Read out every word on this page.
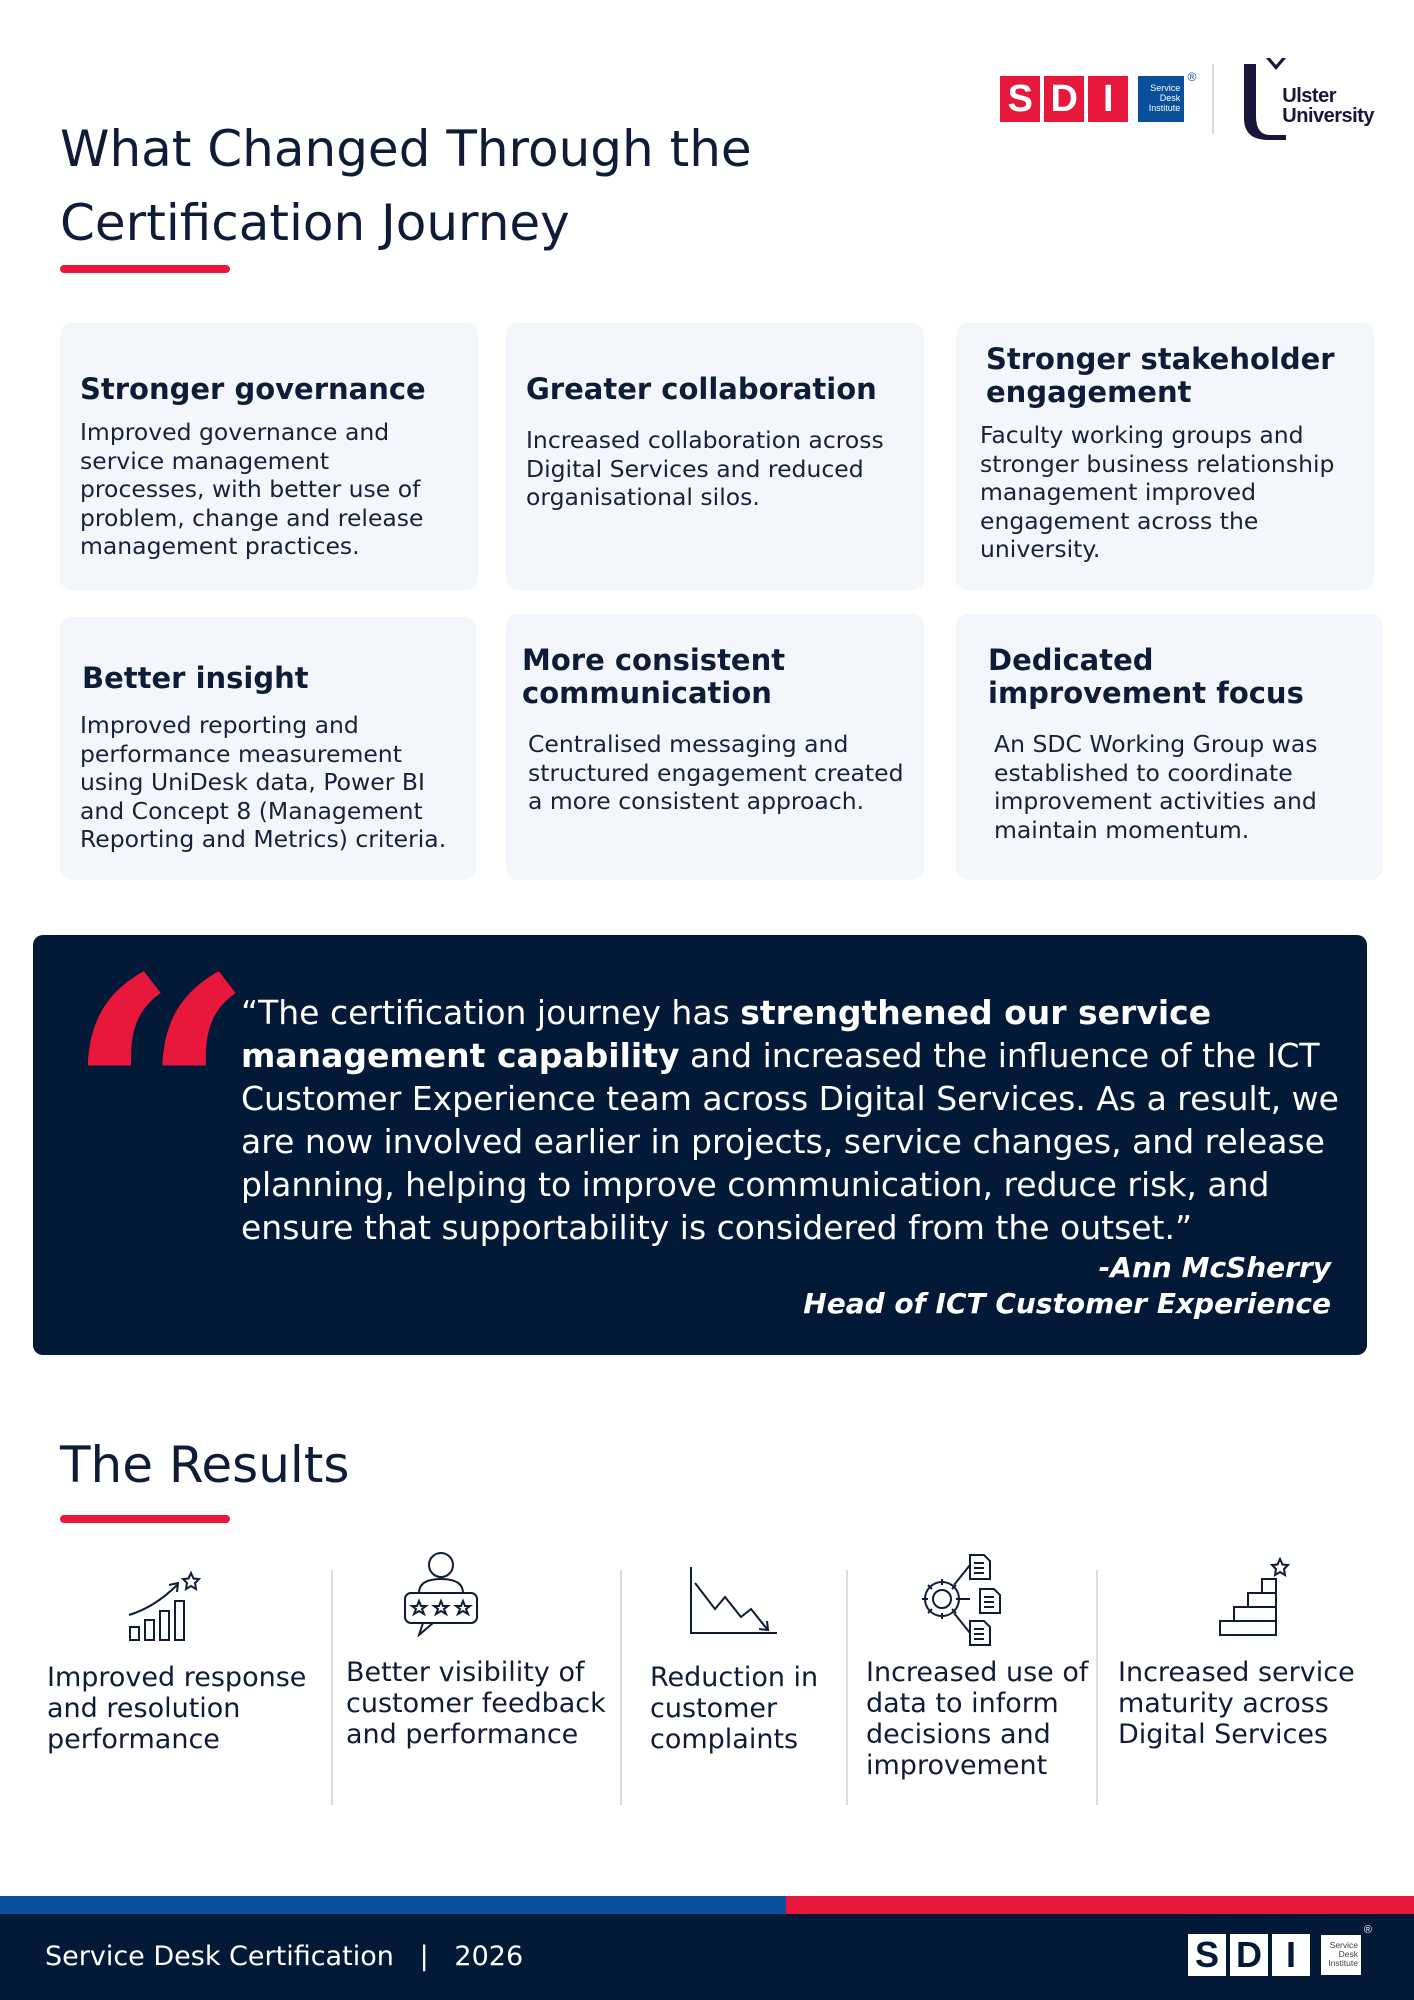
S D I	Service
Desk
Institute
®
Ulster
University
What Changed Through the Certification Journey
Stronger governance

Improved governance and service management processes, with better use of problem, change and release management practices.

Greater collaboration

Increased collaboration across Digital Services and reduced organisational silos.

Stronger stakeholder engagement

Faculty working groups and stronger business relationship management improved engagement across the university.

Better insight

Improved reporting and performance measurement using UniDesk data, Power BI and Concept 8 (Management Reporting and Metrics) criteria.

More consistent communication

Centralised messaging and structured engagement created a more consistent approach.

Dedicated improvement focus

An SDC Working Group was established to coordinate improvement activities and maintain momentum.

“
“The certification journey has strengthened our service management capability and increased the influence of the ICT Customer Experience team across Digital Services. As a result, we are now involved earlier in projects, service changes, and release planning, helping to improve communication, reduce risk, and ensure that supportability is considered from the outset.”
-Ann McSherry
Head of ICT Customer Experience
The Results

Improved response and resolution performance

Better visibility of customer feedback and performance

Reduction in customer complaints

Increased use of data to inform decisions and improvement

Increased service maturity across Digital Services

Service Desk Certification   |   2026	S D I	Service
Desk
Institute
®
